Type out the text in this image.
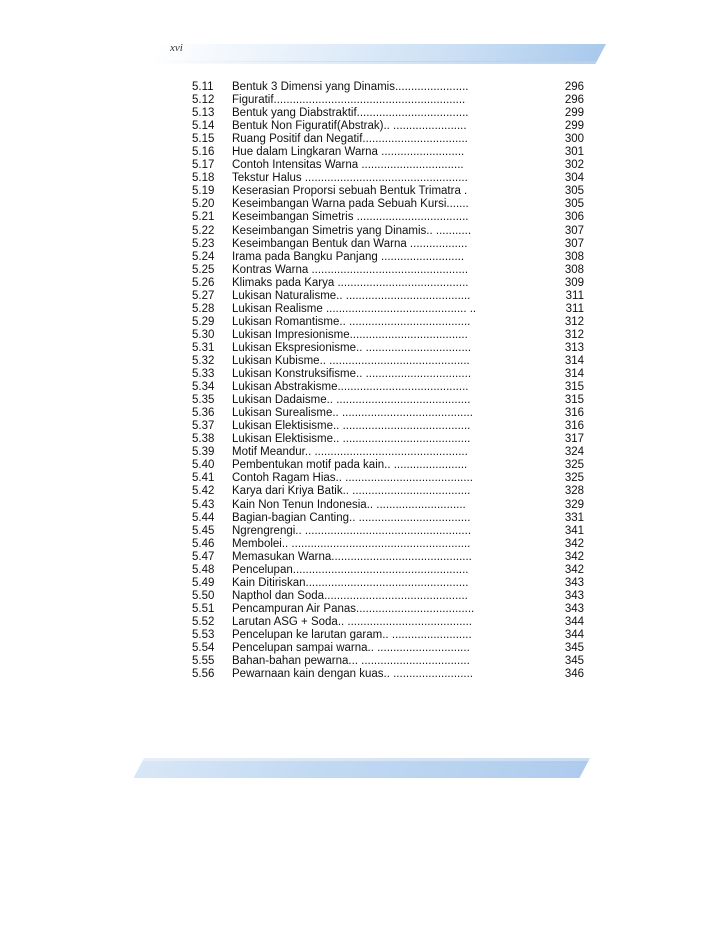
xvi
5.11	Bentuk 3 Dimensi yang Dinamis.......................	296
5.12	Figuratif............................................................	296
5.13	Bentuk yang Diabstraktif...................................	299
5.14	Bentuk Non Figuratif(Abstrak).. .......................	299
5.15	Ruang Positif dan Negatif.................................	300
5.16	Hue dalam Lingkaran Warna ..........................	301
5.17	Contoh Intensitas Warna ................................	302
5.18	Tekstur Halus ...................................................	304
5.19	Keserasian Proporsi sebuah Bentuk Trimatra .	305
5.20	Keseimbangan Warna pada Sebuah Kursi.......	305
5.21	Keseimbangan Simetris ...................................	306
5.22	Keseimbangan Simetris yang Dinamis.. ...........	307
5.23	Keseimbangan Bentuk dan Warna ..................	307
5.24	Irama pada Bangku Panjang ..........................	308
5.25	Kontras Warna .................................................	308
5.26	Klimaks pada Karya .........................................	309
5.27	Lukisan Naturalisme.. .......................................	311
5.28	Lukisan Realisme ............................................ ..	311
5.29	Lukisan Romantisme.. ......................................	312
5.30	Lukisan Impresionisme.....................................	312
5.31	Lukisan Ekspresionisme.. .................................	313
5.32	Lukisan Kubisme.. ............................................	314
5.33	Lukisan Konstruksifisme.. .................................	314
5.34	Lukisan Abstrakisme.........................................	315
5.35	Lukisan Dadaisme.. ..........................................	315
5.36	Lukisan Surealisme.. .........................................	316
5.37	Lukisan Elektisisme.. ........................................	316
5.38	Lukisan Elektisisme.. ........................................	317
5.39	Motif Meandur.. ................................................	324
5.40	Pembentukan motif pada kain.. .......................	325
5.41	Contoh Ragam Hias.. ........................................	325
5.42	Karya dari Kriya Batik.. .....................................	328
5.43	Kain Non Tenun Indonesia.. ............................	329
5.44	Bagian-bagian Canting.. ...................................	331
5.45	Ngrengrengi.. ....................................................	341
5.46	Membolei.. ........................................................	342
5.47	Memasukan Warna............................................	342
5.48	Pencelupan.......................................................	342
5.49	Kain Ditiriskan...................................................	343
5.50	Napthol dan Soda.............................................	343
5.51	Pencampuran Air Panas.....................................	343
5.52	Larutan ASG + Soda.. .......................................	344
5.53	Pencelupan ke larutan garam.. .........................	344
5.54	Pencelupan sampai warna.. .............................	345
5.55	Bahan-bahan pewarna... ..................................	345
5.56	Pewarnaan kain dengan kuas.. .........................	346
